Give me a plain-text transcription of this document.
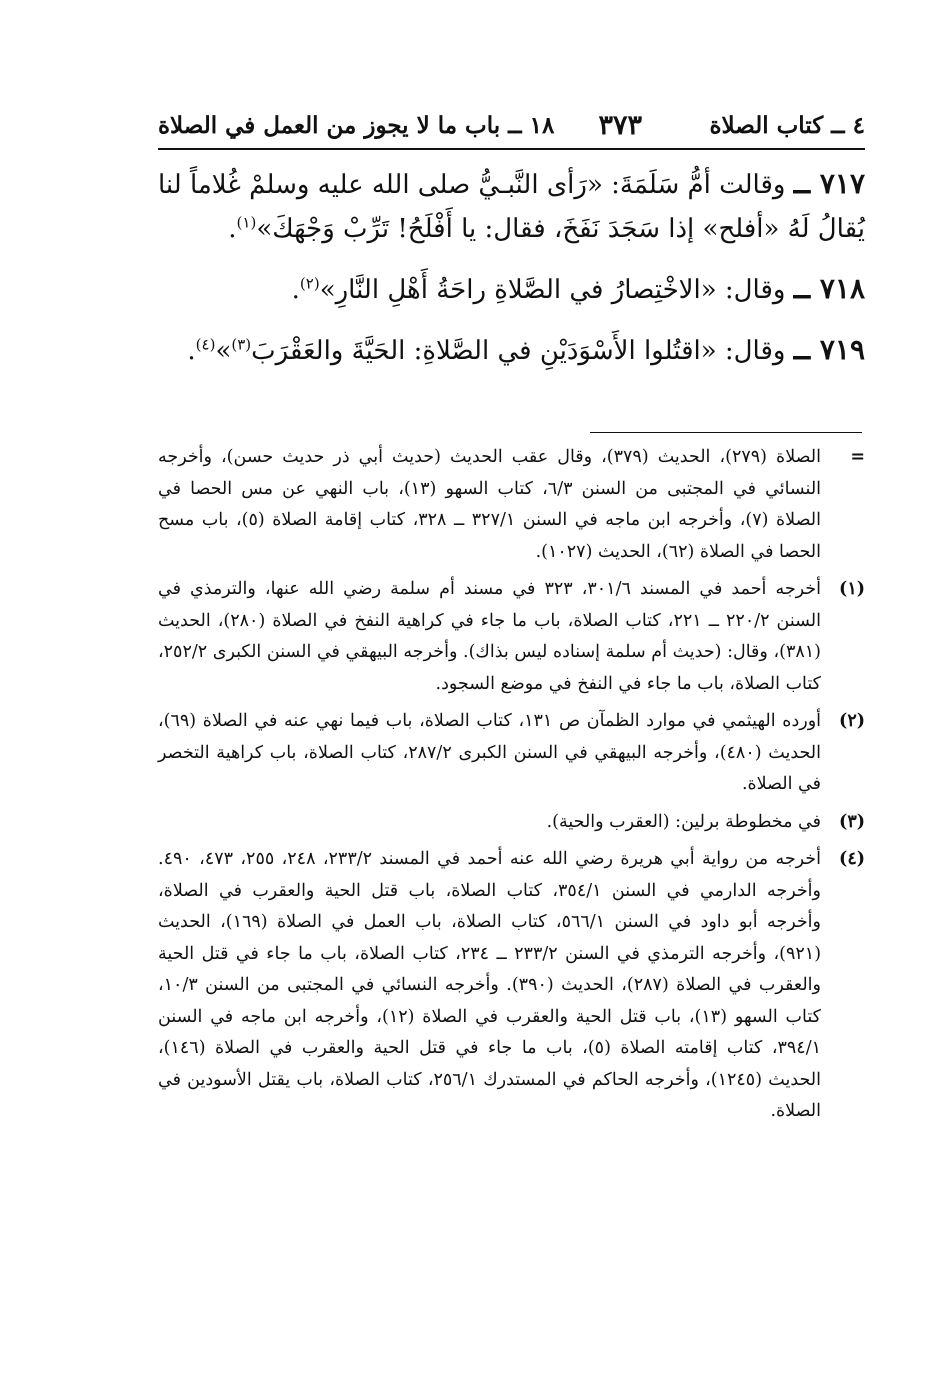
٤ ــ كتاب الصلاة
٣٧٣
١٨ ــ باب ما لا يجوز من العمل في الصلاة

٧١٧ ــ وقالت أمُّ سَلَمَةَ: «رَأى النَّبـيُّ صلى الله عليه وسلمْ غُلاماً لنا يُقالُ لَهُ «أفلح» إذا سَجَدَ نَفَخَ، فقال: يا أَفْلَحُ! تَرِّبْ وَجْهَكَ»$^{(١)}$.

٧١٨ ــ وقال: «الاخْتِصارُ في الصَّلاةِ راحَةُ أَهْلِ النَّارِ»$^{(٢)}$.

٧١٩ ــ وقال: «اقتُلوا الأَسْوَدَيْنِ في الصَّلاةِ: الحَيَّةَ والعَقْرَبَ$^{(٣)}$»$^{(٤)}$.

=
الصلاة (٢٧٩)، الحديث (٣٧٩)، وقال عقب الحديث (حديث أبي ذر حديث حسن)، وأخرجه النسائي في المجتبى من السنن ٦/٣، كتاب السهو (١٣)، باب النهي عن مس الحصا في الصلاة (٧)، وأخرجه ابن ماجه في السنن ٣٢٧/١ ــ ٣٢٨، كتاب إقامة الصلاة (٥)، باب مسح الحصا في الصلاة (٦٢)، الحديث (١٠٢٧).
(١)
أخرجه أحمد في المسند ٣٠١/٦، ٣٢٣ في مسند أم سلمة رضي الله عنها، والترمذي في السنن ٢٢٠/٢ ــ ٢٢١، كتاب الصلاة، باب ما جاء في كراهية النفخ في الصلاة (٢٨٠)، الحديث (٣٨١)، وقال: (حديث أم سلمة إسناده ليس بذاك). وأخرجه البيهقي في السنن الكبرى ٢٥٢/٢، كتاب الصلاة، باب ما جاء في النفخ في موضع السجود.
(٢)
أورده الهيثمي في موارد الظمآن ص ١٣١، كتاب الصلاة، باب فيما نهي عنه في الصلاة (٦٩)، الحديث (٤٨٠)، وأخرجه البيهقي في السنن الكبرى ٢٨٧/٢، كتاب الصلاة، باب كراهية التخصر في الصلاة.
(٣)
في مخطوطة برلين: (العقرب والحية).
(٤)
أخرجه من رواية أبي هريرة رضي الله عنه أحمد في المسند ٢٣٣/٢، ٢٤٨، ٢٥٥، ٤٧٣، ٤٩٠. وأخرجه الدارمي في السنن ٣٥٤/١، كتاب الصلاة، باب قتل الحية والعقرب في الصلاة، وأخرجه أبو داود في السنن ٥٦٦/١، كتاب الصلاة، باب العمل في الصلاة (١٦٩)، الحديث (٩٢١)، وأخرجه الترمذي في السنن ٢٣٣/٢ ــ ٢٣٤، كتاب الصلاة، باب ما جاء في قتل الحية والعقرب في الصلاة (٢٨٧)، الحديث (٣٩٠). وأخرجه النسائي في المجتبى من السنن ١٠/٣، كتاب السهو (١٣)، باب قتل الحية والعقرب في الصلاة (١٢)، وأخرجه ابن ماجه في السنن ٣٩٤/١، كتاب إقامته الصلاة (٥)، باب ما جاء في قتل الحية والعقرب في الصلاة (١٤٦)، الحديث (١٢٤٥)، وأخرجه الحاكم في المستدرك ٢٥٦/١، كتاب الصلاة، باب يقتل الأسودين في الصلاة.
